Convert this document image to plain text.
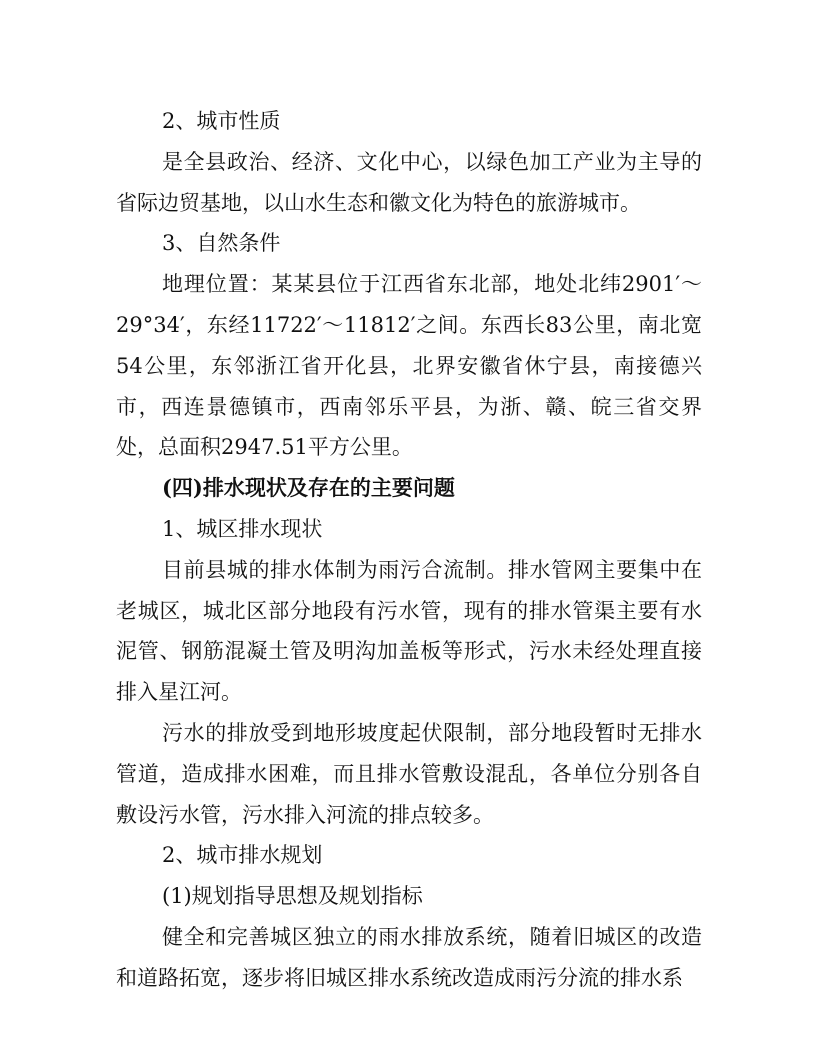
2、城市性质

是全县政治、经济、文化中心，以绿色加工产业为主导的省际边贸基地，以山水生态和徽文化为特色的旅游城市。

3、自然条件

地理位置：某某县位于江西省东北部，地处北纬2901′～29°34′，东经11722′～11812′之间。东西长83公里，南北宽54公里，东邻浙江省开化县，北界安徽省休宁县，南接德兴市，西连景德镇市，西南邻乐平县，为浙、赣、皖三省交界处，总面积2947.51平方公里。

(四)排水现状及存在的主要问题

1、城区排水现状

目前县城的排水体制为雨污合流制。排水管网主要集中在老城区，城北区部分地段有污水管，现有的排水管渠主要有水泥管、钢筋混凝土管及明沟加盖板等形式，污水未经处理直接排入星江河。

污水的排放受到地形坡度起伏限制，部分地段暂时无排水管道，造成排水困难，而且排水管敷设混乱，各单位分别各自敷设污水管，污水排入河流的排点较多。

2、城市排水规划

(1)规划指导思想及规划指标

健全和完善城区独立的雨水排放系统，随着旧城区的改造和道路拓宽，逐步将旧城区排水系统改造成雨污分流的排水系
